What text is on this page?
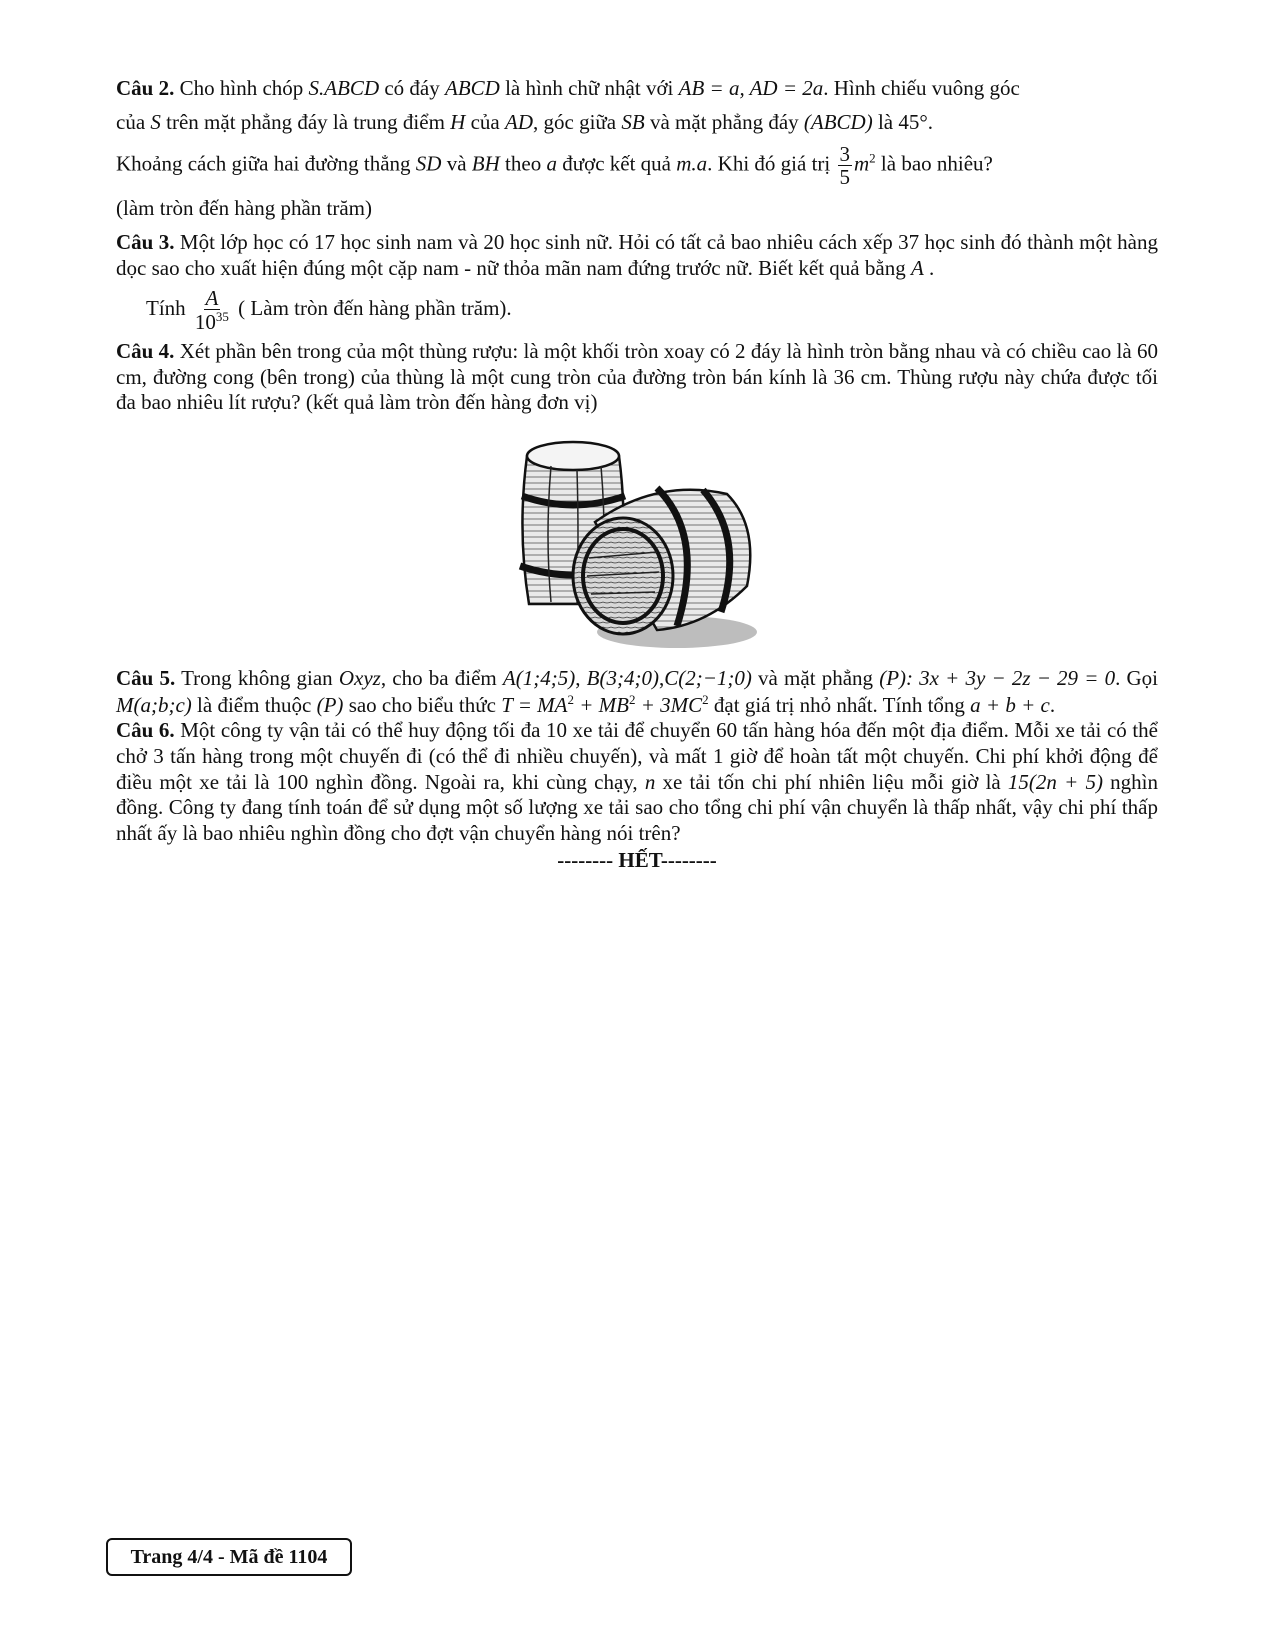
Câu 2. Cho hình chóp S.ABCD có đáy ABCD là hình chữ nhật với AB = a, AD = 2a. Hình chiếu vuông góc
của S trên mặt phẳng đáy là trung điểm H của AD, góc giữa SB và mặt phẳng đáy (ABCD) là 45°.
Khoảng cách giữa hai đường thẳng SD và BH theo a được kết quả m.a. Khi đó giá trị $\frac{3}{5} m^2$ là bao nhiêu?
(làm tròn đến hàng phần trăm)
Câu 3. Một lớp học có 17 học sinh nam và 20 học sinh nữ. Hỏi có tất cả bao nhiêu cách xếp 37 học sinh đó thành một hàng dọc sao cho xuất hiện đúng một cặp nam - nữ thỏa mãn nam đứng trước nữ. Biết kết quả bằng A .
Tính $\frac{A}{10^{35}}$ ( Làm tròn đến hàng phần trăm).
Câu 4. Xét phần bên trong của một thùng rượu: là một khối tròn xoay có 2 đáy là hình tròn bằng nhau và có chiều cao là 60 cm, đường cong (bên trong) của thùng là một cung tròn của đường tròn bán kính là 36 cm. Thùng rượu này chứa được tối đa bao nhiêu lít rượu? (kết quả làm tròn đến hàng đơn vị)
Câu 5. Trong không gian Oxyz, cho ba điểm A(1;4;5), B(3;4;0),C(2;−1;0) và mặt phẳng (P): 3x + 3y − 2z − 29 = 0. Gọi M(a;b;c) là điểm thuộc (P) sao cho biểu thức $T = MA^2 + MB^2 + 3MC^2$ đạt giá trị nhỏ nhất. Tính tổng a + b + c.
Câu 6. Một công ty vận tải có thể huy động tối đa 10 xe tải để chuyển 60 tấn hàng hóa đến một địa điểm. Mỗi xe tải có thể chở 3 tấn hàng trong một chuyến đi (có thể đi nhiều chuyến), và mất 1 giờ để hoàn tất một chuyến. Chi phí khởi động để điều một xe tải là 100 nghìn đồng. Ngoài ra, khi cùng chạy, n xe tải tốn chi phí nhiên liệu mỗi giờ là 15(2n + 5) nghìn đồng. Công ty đang tính toán để sử dụng một số lượng xe tải sao cho tổng chi phí vận chuyển là thấp nhất, vậy chi phí thấp nhất ấy là bao nhiêu nghìn đồng cho đợt vận chuyển hàng nói trên?
-------- HẾT--------
Trang 4/4 - Mã đề 1104
